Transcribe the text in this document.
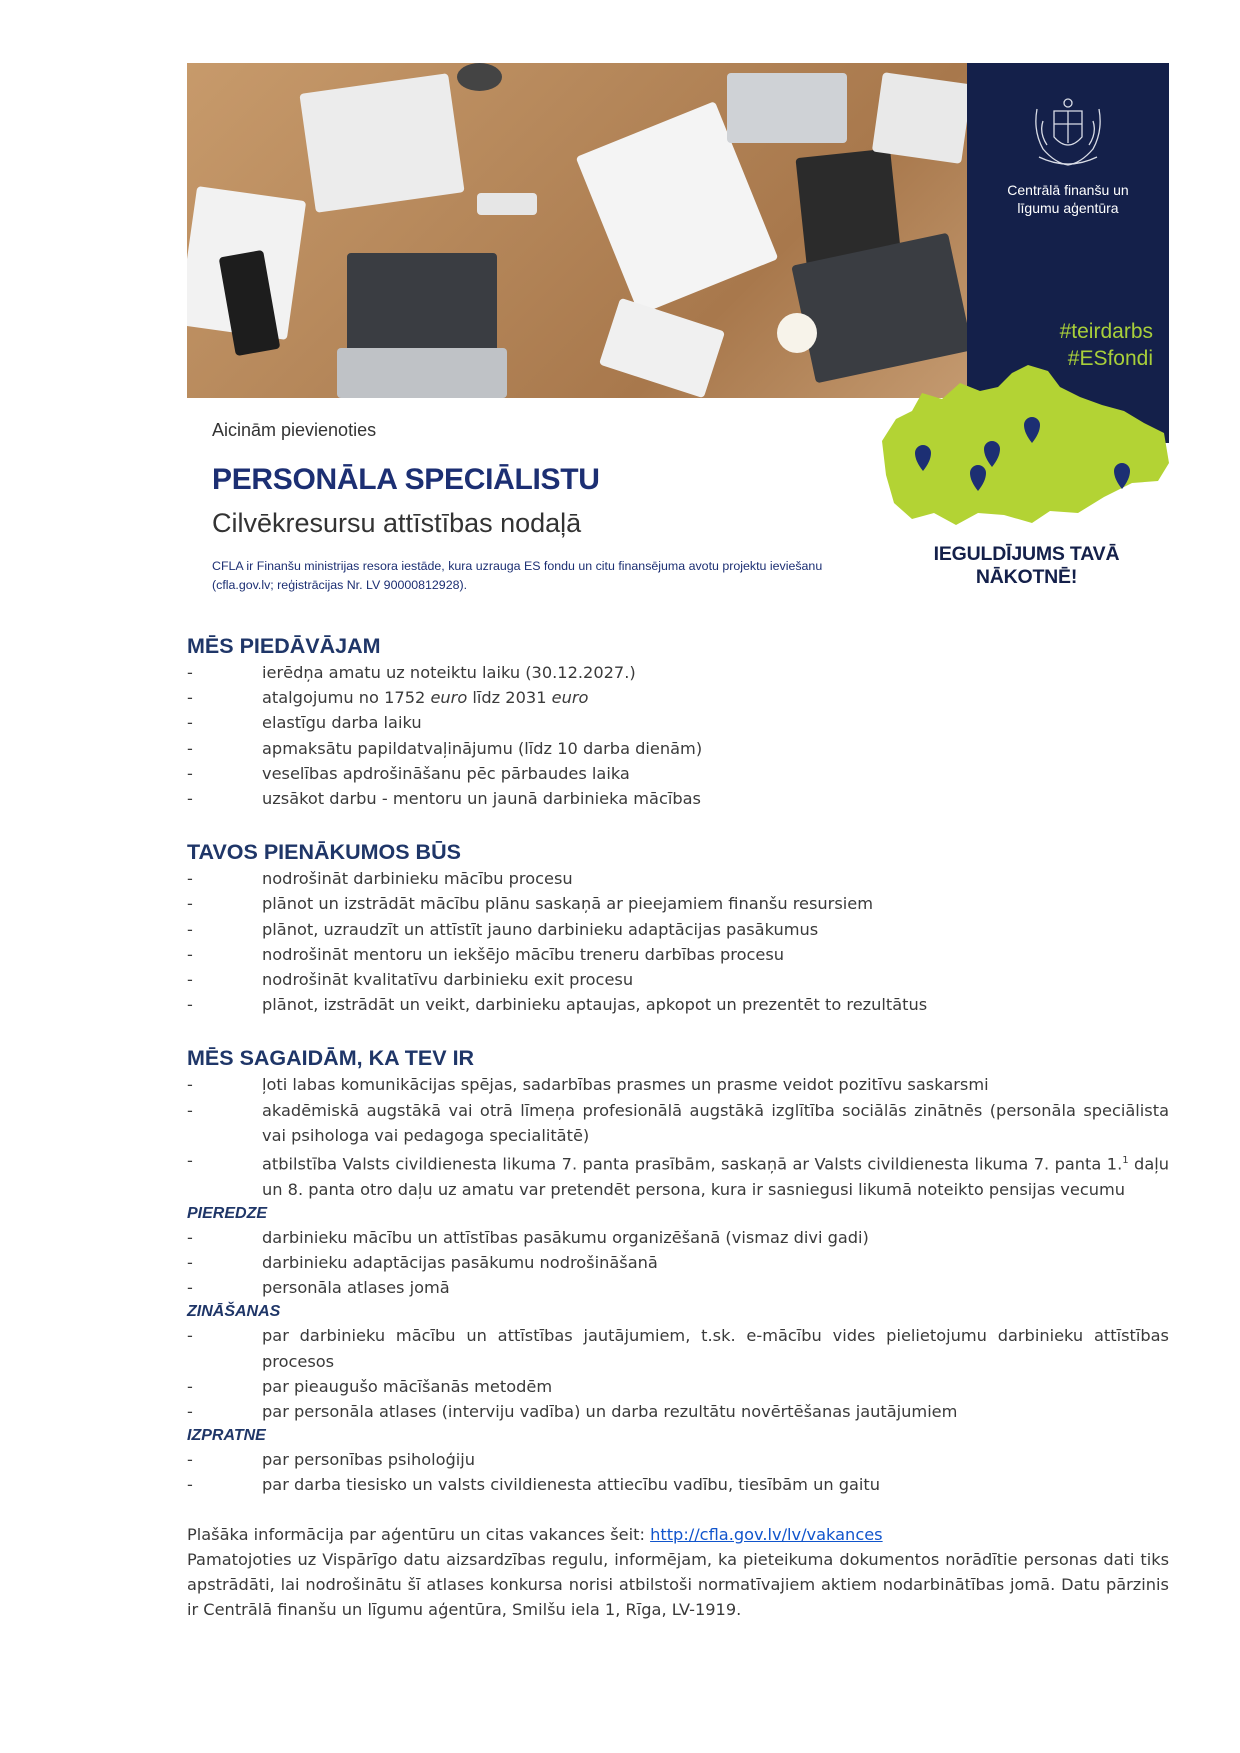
Centrālā finanšu un līgumu aģentūra
#teirdarbs
#ESfondi
IEGULDĪJUMS TAVĀ NĀKOTNĒ!
Aicinām pievienoties
PERSONĀLA SPECIĀLISTU
Cilvēkresursu attīstības nodaļā
CFLA ir Finanšu ministrijas resora iestāde, kura uzrauga ES fondu un citu finansējuma avotu projektu ieviešanu (cfla.gov.lv; reģistrācijas Nr. LV 90000812928).
MĒS PIEDĀVĀJAM
-	ierēdņa amatu uz noteiktu laiku (30.12.2027.)
-	atalgojumu no 1752 euro līdz 2031 euro
-	elastīgu darba laiku
-	apmaksātu papildatvaļinājumu (līdz 10 darba dienām)
-	veselības apdrošināšanu pēc pārbaudes laika
-	uzsākot darbu - mentoru un jaunā darbinieka mācības
TAVOS PIENĀKUMOS BŪS
-	nodrošināt darbinieku mācību procesu
-	plānot un izstrādāt mācību plānu saskaņā ar pieejamiem finanšu resursiem
-	plānot, uzraudzīt un attīstīt jauno darbinieku adaptācijas pasākumus
-	nodrošināt mentoru un iekšējo mācību treneru darbības procesu
-	nodrošināt kvalitatīvu darbinieku exit procesu
-	plānot, izstrādāt un veikt, darbinieku aptaujas, apkopot un prezentēt to rezultātus
MĒS SAGAIDĀM, KA TEV IR
-	ļoti labas komunikācijas spējas, sadarbības prasmes un prasme veidot pozitīvu saskarsmi
-	akadēmiskā augstākā vai otrā līmeņa profesionālā augstākā izglītība sociālās zinātnēs (personāla speciālista vai psihologa vai pedagoga specialitātē)
-	atbilstība Valsts civildienesta likuma 7. panta prasībām, saskaņā ar Valsts civildienesta likuma 7. panta 1.$^1$ daļu un 8. panta otro daļu uz amatu var pretendēt persona, kura ir sasniegusi likumā noteikto pensijas vecumu
PIEREDZE
-	darbinieku mācību un attīstības pasākumu organizēšanā (vismaz divi gadi)
-	darbinieku adaptācijas pasākumu nodrošināšanā
-	personāla atlases jomā
ZINĀŠANAS
-	par darbinieku mācību un attīstības jautājumiem, t.sk. e-mācību vides pielietojumu darbinieku attīstības procesos
-	par pieaugušo mācīšanās metodēm
-	par personāla atlases (interviju vadība) un darba rezultātu novērtēšanas jautājumiem
IZPRATNE
-	par personības psiholoģiju
-	par darba tiesisko un valsts civildienesta attiecību vadību, tiesībām un gaitu
Plašāka informācija par aģentūru un citas vakances šeit: http://cfla.gov.lv/lv/vakances
Pamatojoties uz Vispārīgo datu aizsardzības regulu, informējam, ka pieteikuma dokumentos norādītie personas dati tiks apstrādāti, lai nodrošinātu šī atlases konkursa norisi atbilstoši normatīvajiem aktiem nodarbinātības jomā. Datu pārzinis ir Centrālā finanšu un līgumu aģentūra, Smilšu iela 1, Rīga, LV-1919.
